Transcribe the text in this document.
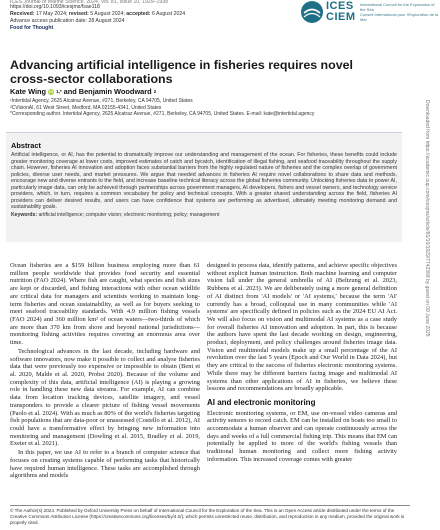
ICES Journal of Marine Science, 2024, Vol. 81, Issue 10, 1929–1938
https://doi.org/10.1093/icesjms/fsae118
Received: 17 May 2024; revised: 5 August 2024; accepted: 6 August 2024
Advance access publication date: 28 August 2024
Food for Thought
ICES
CIEM
International Council for the Exploration of the Sea
Conseil International pour l'Exploration de la Mer
Advancing artificial intelligence in fisheries requires novel cross-sector collaborations
Kate Wing iD 1,* and Benjamin Woodward 2
¹Intertidal Agency, 2625 Alcatraz Avenue, #271, Berkeley, CA 94705, United States
²CVisionAI, 61 West Street, Medford, MA 02155-4341, United States
*Corresponding author. Intertidal Agency, 2625 Alcatraz Avenue, #271, Berkeley, CA 94705, United States. E-mail: kate@intertidal.agency
Abstract
Artificial intelligence, or AI, has the potential to dramatically improve our understanding and management of the ocean. For fisheries, these benefits could include greater monitoring coverage at lower costs, improved estimates of catch and bycatch, identification of illegal fishing, and seafood traceability throughout the supply chain. However, fisheries AI innovation and adoption faces substantial barriers from the highly regulated nature of fisheries and the complex overlap of government policies, diverse user needs, and market pressures. We argue that needed advances in fisheries AI require novel collaborations to share data and methods, encourage new and diverse entrants to the field, and increase baseline technical literacy across the global fisheries community. Unlocking fisheries data to power AI, particularly image data, can only be achieved through partnerships across government managers, AI developers, fishers and vessel owners, and technology service providers, which, in turn, requires a common vocabulary for policy and technical concepts. With a greater shared understanding across the field, fisheries AI providers can deliver desired results, and users can have confidence that systems are performing as advertised, ultimately meeting monitoring demand and sustainability goals.
Keywords: artificial intelligence; computer vision; electronic monitoring; policy; management

Ocean fisheries are a $159 billion business employing more than 61 million people worldwide that provides food security and essential nutrition (FAO 2024). Where fish are caught, what species and fish sizes are kept or discarded, and fishing interactions with other ocean wildlife are critical data for managers and scientists working to maintain long-term fisheries and ocean sustainability, as well as for buyers seeking to meet seafood traceability standards. With 4.9 million fishing vessels (FAO 2024) and 360 million km² of ocean waters—two-thirds of which are more than 370 km from shore and beyond national jurisdictions—monitoring fishing activities requires covering an enormous area over time.

Technological advances in the last decade, including hardware and software innovators, now make it possible to collect and analyse fisheries data that were previously too expensive or impossible to obtain (Bent et al. 2020, Malde et al. 2020, Probst 2020). Because of the volume and complexity of this data, artificial intelligence (AI) is playing a growing role in handling these new data streams. For example, AI can combine data from location tracking devices, satellite imagery, and vessel transponders to provide a clearer picture of fishing vessel movements (Paolo et al. 2024). With as much as 80% of the world's fisheries targeting fish populations that are data-poor or unassessed (Costello et al. 2012), AI could have a transformative effect by bringing new information into monitoring and management (Dowling et al. 2015, Bradley et al. 2019, Exeter et al. 2021).

In this paper, we use AI to refer to a branch of computer science that focuses on creating systems capable of performing tasks that historically have required human intelligence. These tasks are accomplished through algorithms and models

designed to process data, identify patterns, and achieve specific objectives without explicit human instruction. Both machine learning and computer vision fall under the general umbrella of AI (Beltzung et al. 2023, Rubbens et al. 2023). We are deliberately using a more general definition of AI distinct from 'AI models' or 'AI systems,' because the term 'AI' currently has a broad, colloquial use in many communities while 'AI systems' are specifically defined in policies such as the 2024 EU AI Act. We will also focus on vision and multimodal AI systems as a case study for overall fisheries AI innovation and adoption. In part, this is because the authors have spent the last decade working on design, engineering, product, deployment, and policy challenges around fisheries image data. Vision and multimodal models make up a small percentage of the AI revolution over the last 5 years (Epoch and Our World in Data 2024), but they are critical to the success of fisheries electronic monitoring systems. While there may be different barriers facing image and multimodal AI systems than other applications of AI in fisheries, we believe these lessons and recommendations are broadly applicable.

AI and electronic monitoring

Electronic monitoring systems, or EM, use on-vessel video cameras and activity sensors to record catch. EM can be installed on boats too small to accommodate a human observer and can operate continuously across the days and weeks of a full commercial fishing trip. This means that EM can potentially be applied to more of the world's fishing vessels than traditional human monitoring and collect more fishing activity information. This increased coverage comes with greater

Downloaded from https://academic.oup.com/icesjms/article/81/10/1929/7742368 by guest on 09 June 2025
© The Author(s) 2024. Published by Oxford University Press on behalf of International Council for the Exploration of the Sea. This is an Open Access article distributed under the terms of the Creative Commons Attribution License (https://creativecommons.org/licenses/by/4.0/), which permits unrestricted reuse, distribution, and reproduction in any medium, provided the original work is properly cited.
